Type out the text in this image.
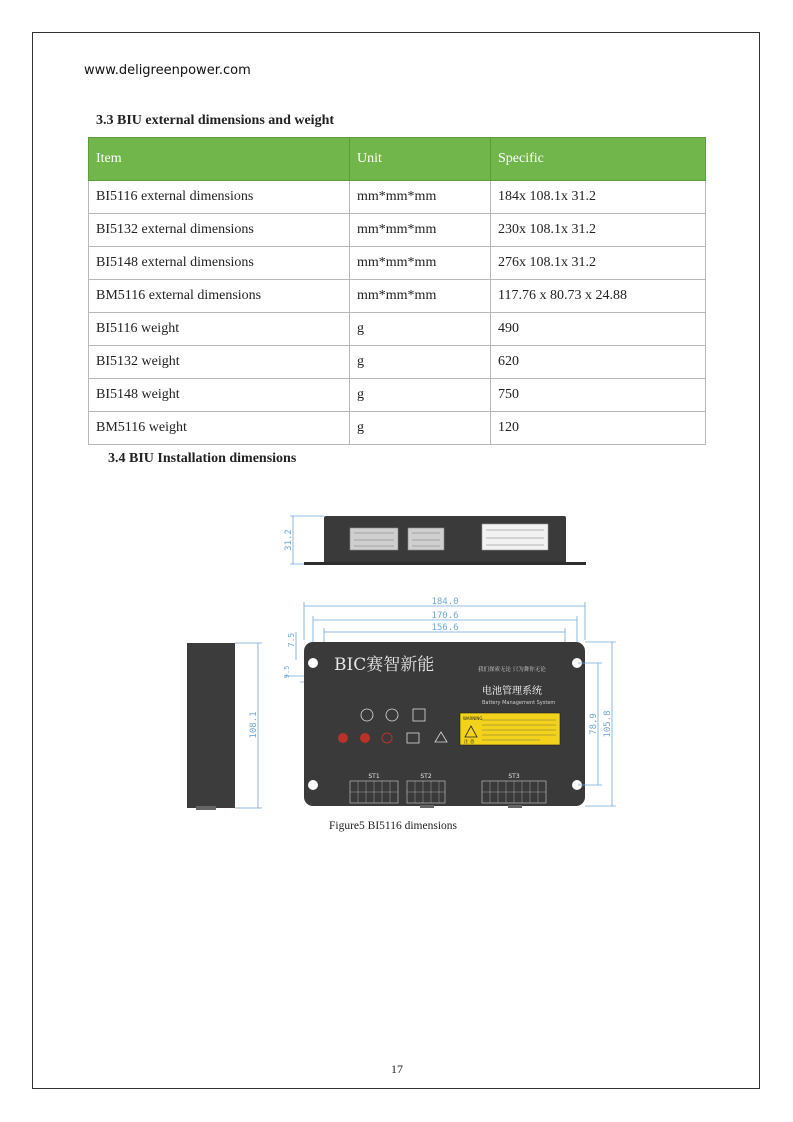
www.deligreenpower.com
3.3 BIU external dimensions and weight
Item	Unit	Specific
BI5116 external dimensions	mm*mm*mm	184x 108.1x 31.2
BI5132 external dimensions	mm*mm*mm	230x 108.1x 31.2
BI5148 external dimensions	mm*mm*mm	276x 108.1x 31.2
BM5116 external dimensions	mm*mm*mm	117.76 x 80.73 x 24.88
BI5116 weight	g	490
BI5132 weight	g	620
BI5148 weight	g	750
BM5116 weight	g	120
3.4 BIU Installation dimensions
31.2
108.1
184.0
170.6
156.6
7.5
9.5	BIC赛智新能	我们探索无论 只为舞你无论
电池管理系统
Battery Management System
WARNING
注 意
ST1	ST2	ST3
78.9 105.8
Figure5 BI5116 dimensions
17
